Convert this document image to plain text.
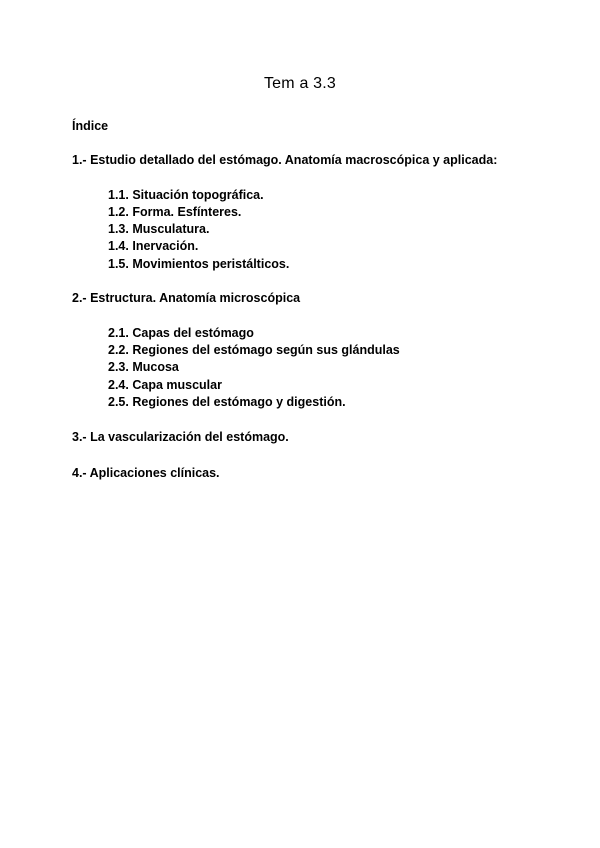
Tem a 3.3
Índice
1.- Estudio detallado del estómago. Anatomía macroscópica y aplicada:
1.1. Situación topográfica.
1.2. Forma. Esfínteres.
1.3. Musculatura.
1.4. Inervación.
1.5. Movimientos peristálticos.
2.- Estructura. Anatomía microscópica
2.1. Capas del estómago
2.2. Regiones del estómago según sus glándulas
2.3. Mucosa
2.4. Capa muscular
2.5. Regiones del estómago y digestión.
3.- La vascularización del estómago.
4.- Aplicaciones clínicas.
